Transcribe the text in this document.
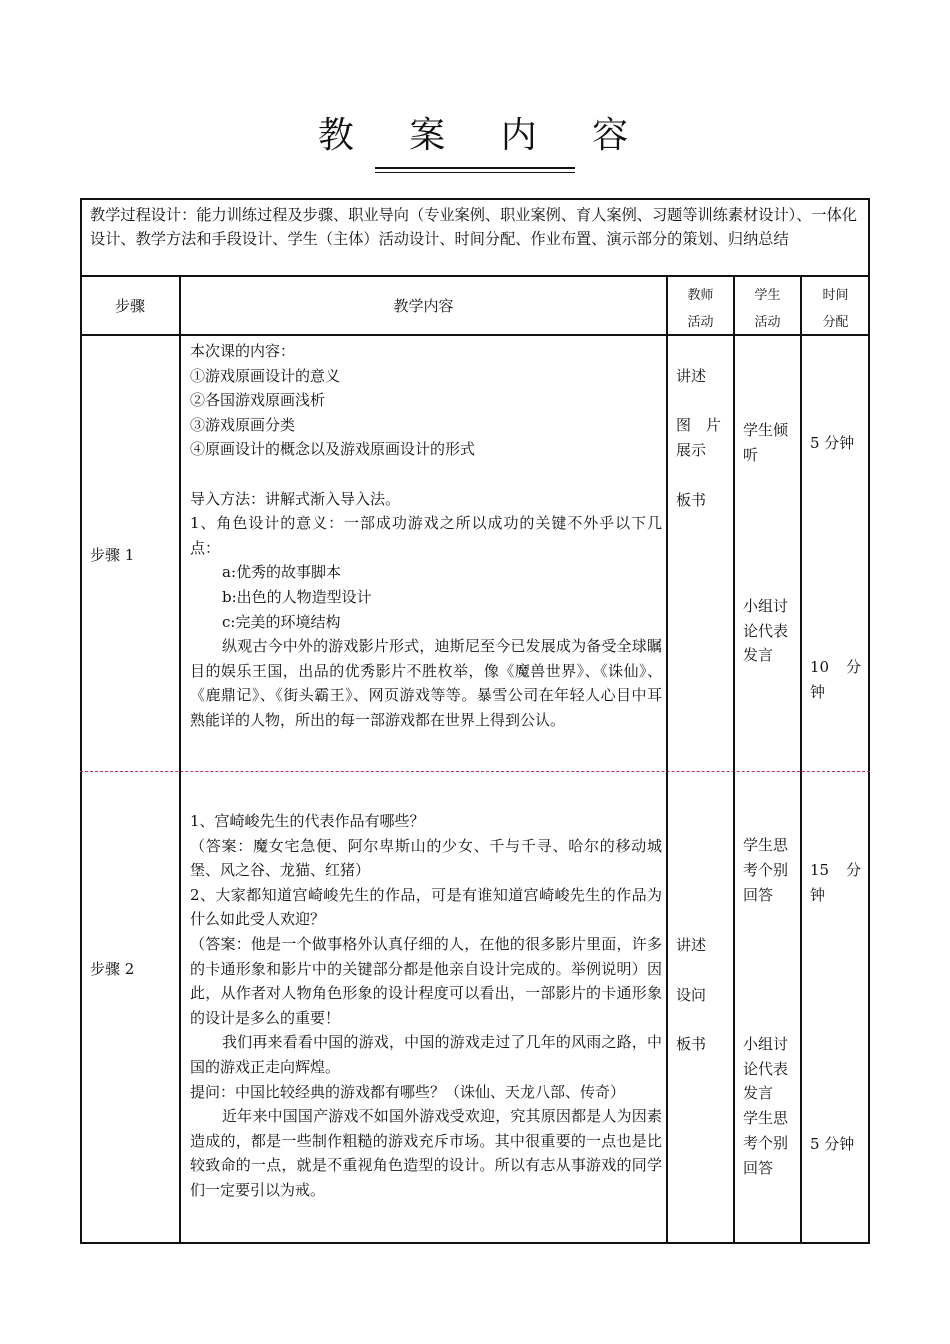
教 案 内 容
教学过程设计：能力训练过程及步骤、职业导向（专业案例、职业案例、育人案例、习题等训练素材设计）、一体化设计、教学方法和手段设计、学生（主体）活动设计、时间分配、作业布置、演示部分的策划、归纳总结
步骤	教学内容
教师
活动
学生
活动
时间
分配
步骤 1

本次课的内容：

①游戏原画设计的意义

②各国游戏原画浅析

③游戏原画分类

④原画设计的概念以及游戏原画设计的形式

导入方法：讲解式渐入导入法。

1、角色设计的意义：一部成功游戏之所以成功的关键不外乎以下几点：

a:优秀的故事脚本

b:出色的人物造型设计

c:完美的环境结构

纵观古今中外的游戏影片形式，迪斯尼至今已发展成为备受全球瞩目的娱乐王国，出品的优秀影片不胜枚举，像《魔兽世界》、《诛仙》、《鹿鼎记》、《街头霸王》、网页游戏等等。暴雪公司在年轻人心目中耳熟能详的人物，所出的每一部游戏都在世界上得到公认。

讲述
图　片
展示
板书
学生倾
听
小组讨
论代表
发言
5 分钟
10 分
钟
步骤 2

1、宫崎峻先生的代表作品有哪些？

（答案：魔女宅急便、阿尔卑斯山的少女、千与千寻、哈尔的移动城堡、风之谷、龙猫、红猪）

2、大家都知道宫崎峻先生的作品，可是有谁知道宫崎峻先生的作品为什么如此受人欢迎？

（答案：他是一个做事格外认真仔细的人，在他的很多影片里面，许多的卡通形象和影片中的关键部分都是他亲自设计完成的。举例说明）因此，从作者对人物角色形象的设计程度可以看出，一部影片的卡通形象的设计是多么的重要！

我们再来看看中国的游戏，中国的游戏走过了几年的风雨之路，中国的游戏正走向辉煌。

提问：中国比较经典的游戏都有哪些？（诛仙、天龙八部、传奇）

近年来中国国产游戏不如国外游戏受欢迎，究其原因都是人为因素造成的，都是一些制作粗糙的游戏充斥市场。其中很重要的一点也是比较致命的一点，就是不重视角色造型的设计。所以有志从事游戏的同学们一定要引以为戒。

讲述
设问
板书
学生思
考个别
回答
小组讨
论代表
发言
学生思
考个别
回答
15 分
钟
5 分钟
